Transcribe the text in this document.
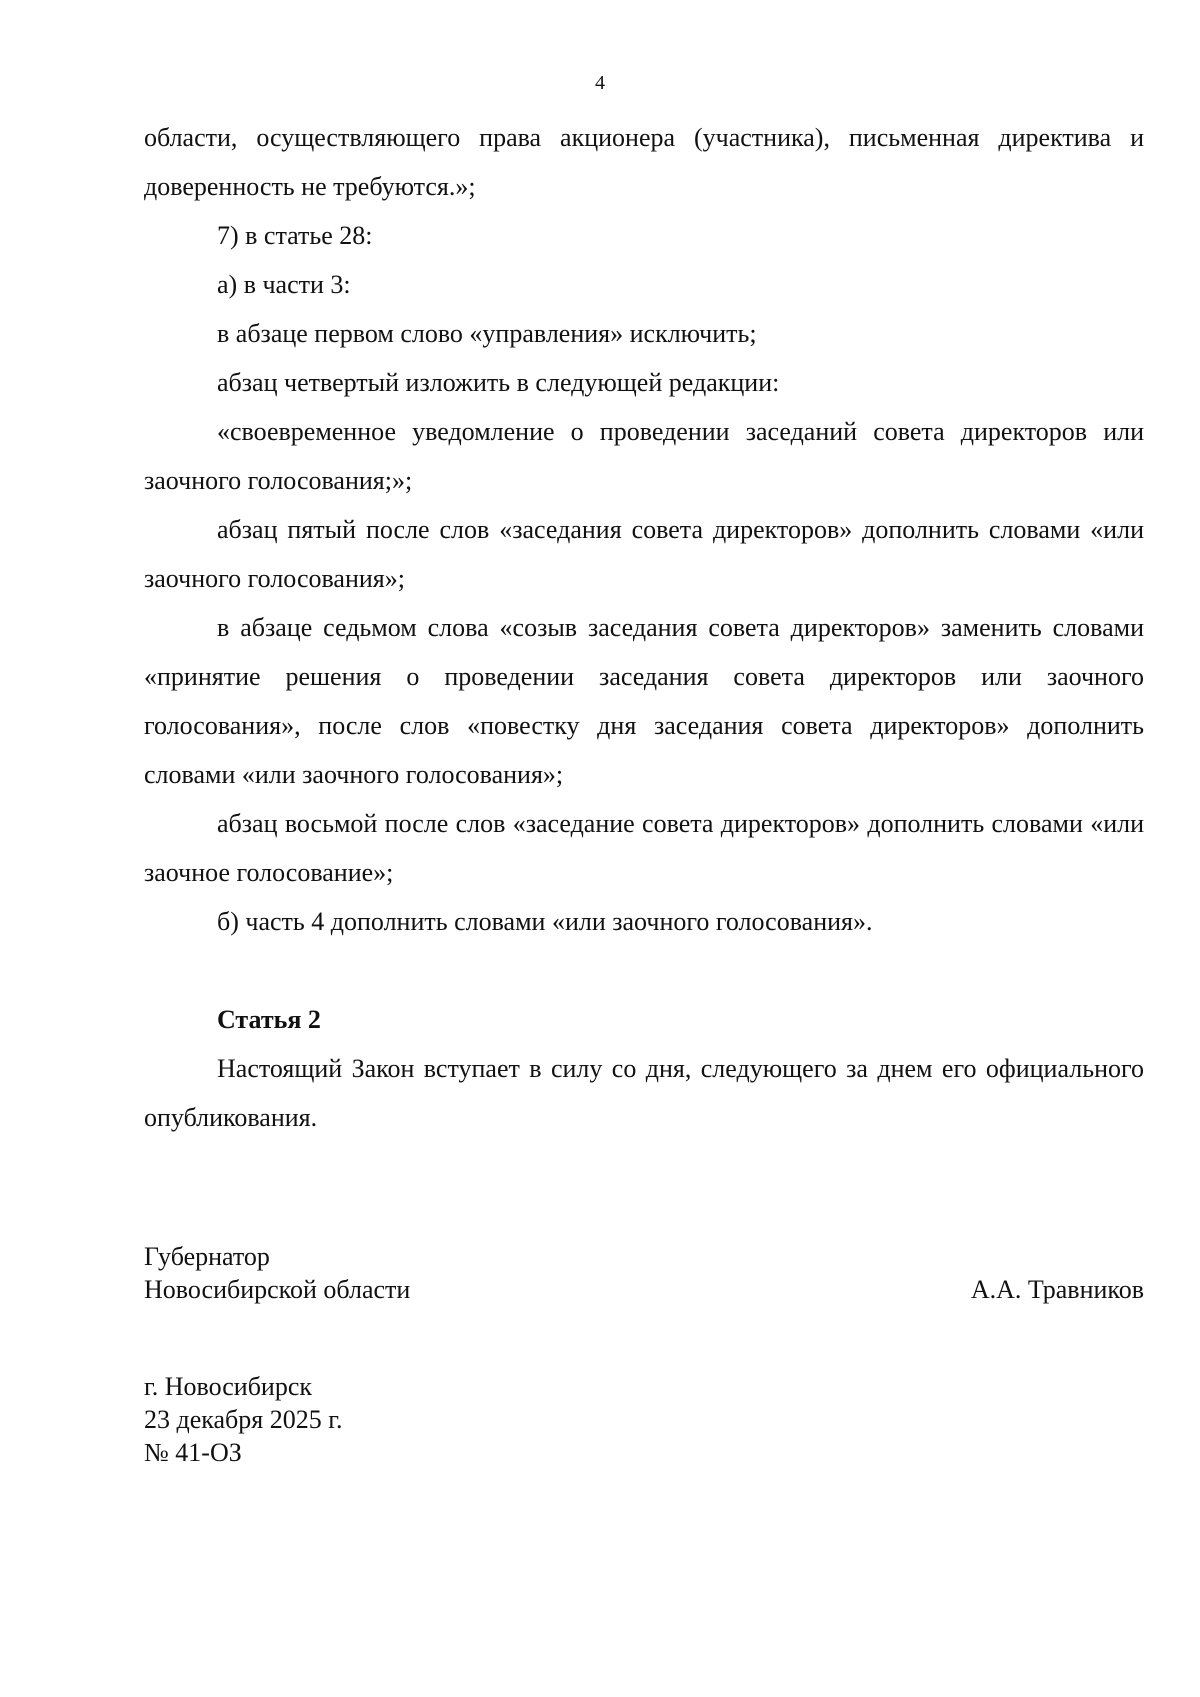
4

области, осуществляющего права акционера (участника), письменная директива и доверенность не требуются.»;

7) в статье 28:

а) в части 3:

в абзаце первом слово «управления» исключить;

абзац четвертый изложить в следующей редакции:

«своевременное уведомление о проведении заседаний совета директоров или заочного голосования;»;

абзац пятый после слов «заседания совета директоров» дополнить словами «или заочного голосования»;

в абзаце седьмом слова «созыв заседания совета директоров» заменить словами «принятие решения о проведении заседания совета директоров или заочного голосования», после слов «повестку дня заседания совета директоров» дополнить словами «или заочного голосования»;

абзац восьмой после слов «заседание совета директоров» дополнить словами «или заочное голосование»;

б) часть 4 дополнить словами «или заочного голосования».

Статья 2

Настоящий Закон вступает в силу со дня, следующего за днем его официального опубликования.

Губернатор
Новосибирской области	А.А. Травников
г. Новосибирск
23 декабря 2025 г.
№ 41-ОЗ
